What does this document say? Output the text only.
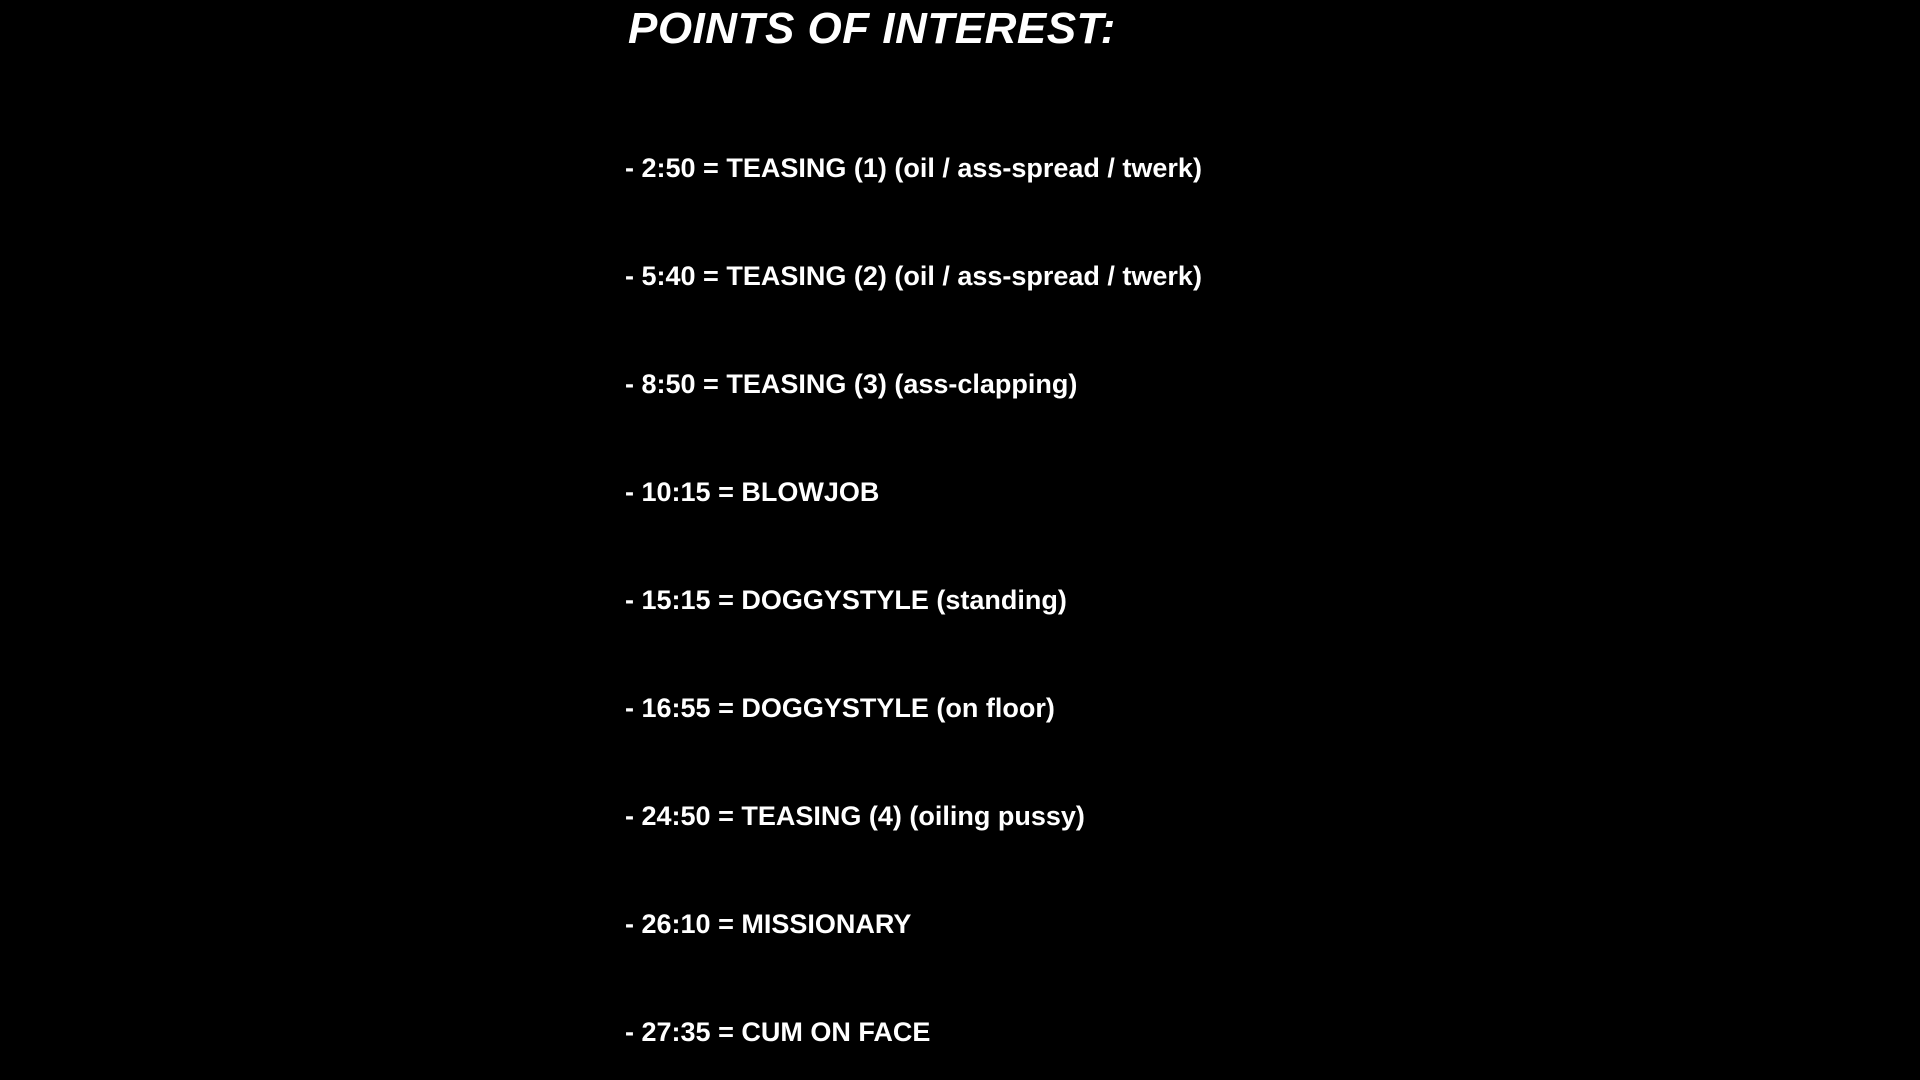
POINTS OF INTEREST:
- 2:50 = TEASING (1) (oil / ass-spread / twerk)
- 5:40 = TEASING (2) (oil / ass-spread / twerk)
- 8:50 = TEASING (3) (ass-clapping)
- 10:15 = BLOWJOB
- 15:15 = DOGGYSTYLE (standing)
- 16:55 = DOGGYSTYLE (on floor)
- 24:50 = TEASING (4) (oiling pussy)
- 26:10 = MISSIONARY
- 27:35 = CUM ON FACE
